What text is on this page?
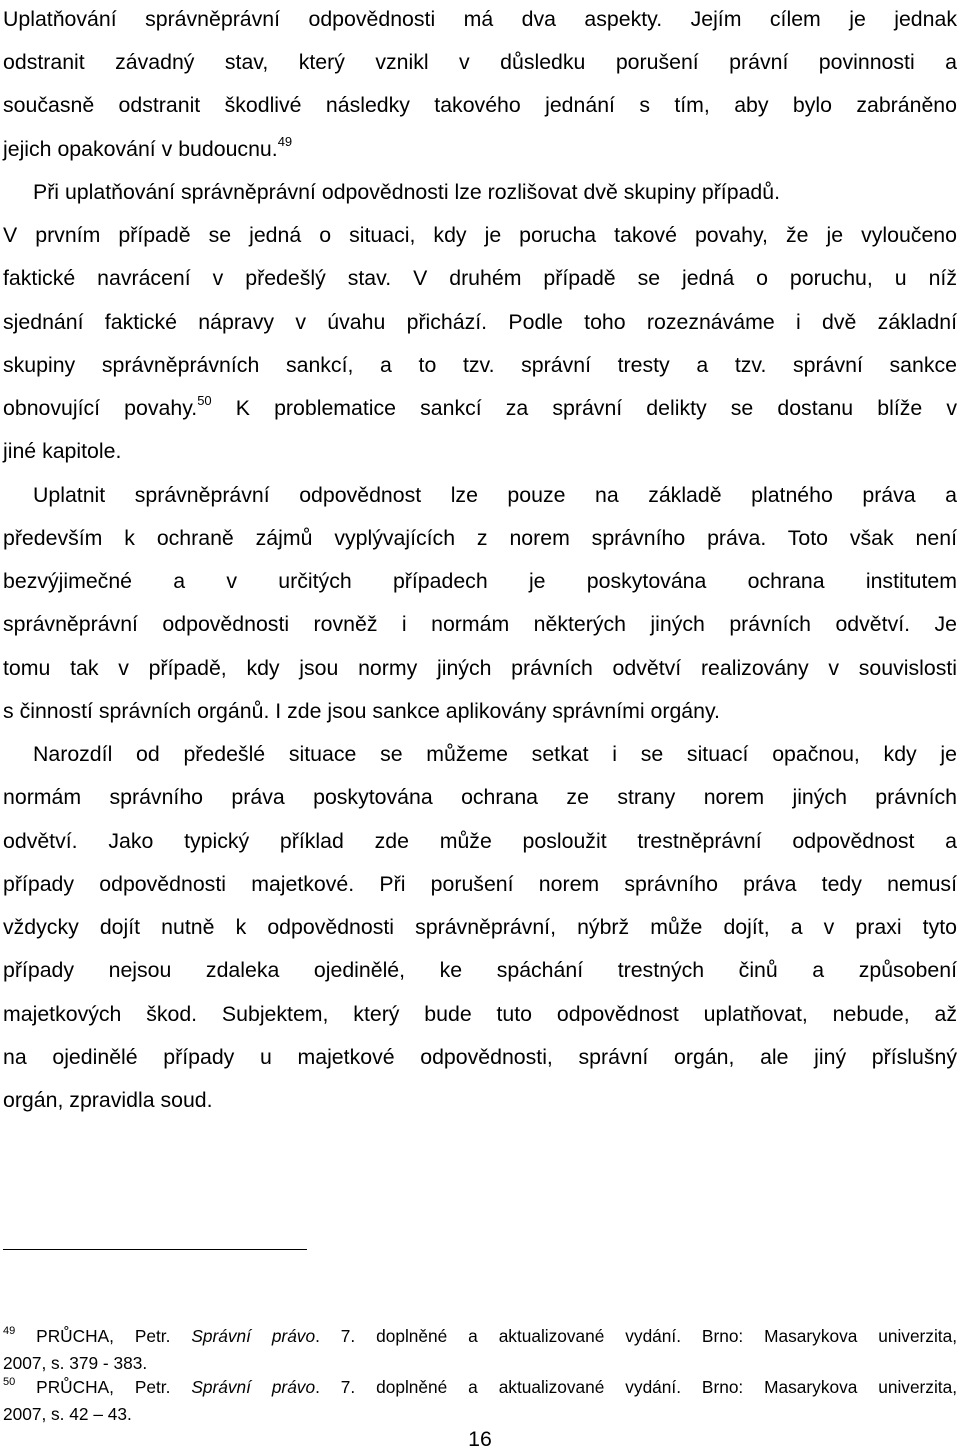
Uplatňování správněprávní odpovědnosti má dva aspekty. Jejím cílem je jednak
odstranit závadný stav, který vznikl v důsledku porušení právní povinnosti a
současně odstranit škodlivé následky takového jednání s tím, aby bylo zabráněno
jejich opakování v budoucnu.$^{49}$
Při uplatňování správněprávní odpovědnosti lze rozlišovat dvě skupiny případů.
V prvním případě se jedná o situaci, kdy je porucha takové povahy, že je vyloučeno
faktické navrácení v předešlý stav. V druhém případě se jedná o poruchu, u níž
sjednání faktické nápravy v úvahu přichází. Podle toho rozeznáváme i dvě základní
skupiny správněprávních sankcí, a to tzv. správní tresty a tzv. správní sankce
obnovující povahy.$^{50}$ K problematice sankcí za správní delikty se dostanu blíže v
jiné kapitole.
Uplatnit správněprávní odpovědnost lze pouze na základě platného práva a
především k ochraně zájmů vyplývajících z norem správního práva. Toto však není
bezvýjimečné a v určitých případech je poskytována ochrana institutem
správněprávní odpovědnosti rovněž i normám některých jiných právních odvětví. Je
tomu tak v případě, kdy jsou normy jiných právních odvětví realizovány v souvislosti
s činností správních orgánů. I zde jsou sankce aplikovány správními orgány.
Narozdíl od předešlé situace se můžeme setkat i se situací opačnou, kdy je
normám správního práva poskytována ochrana ze strany norem jiných právních
odvětví. Jako typický příklad zde může posloužit trestněprávní odpovědnost a
případy odpovědnosti majetkové. Při porušení norem správního práva tedy nemusí
vždycky dojít nutně k odpovědnosti správněprávní, nýbrž může dojít, a v praxi tyto
případy nejsou zdaleka ojedinělé, ke spáchání trestných činů a způsobení
majetkových škod. Subjektem, který bude tuto odpovědnost uplatňovat, nebude, až
na ojedinělé případy u majetkové odpovědnosti, správní orgán, ale jiný příslušný
orgán, zpravidla soud.
$^{49}$ PRŮCHA, Petr. Správní právo. 7. doplněné a aktualizované vydání. Brno: Masarykova univerzita,
2007, s. 379 - 383.
$^{50}$ PRŮCHA, Petr. Správní právo. 7. doplněné a aktualizované vydání. Brno: Masarykova univerzita,
2007, s. 42 – 43.
16
